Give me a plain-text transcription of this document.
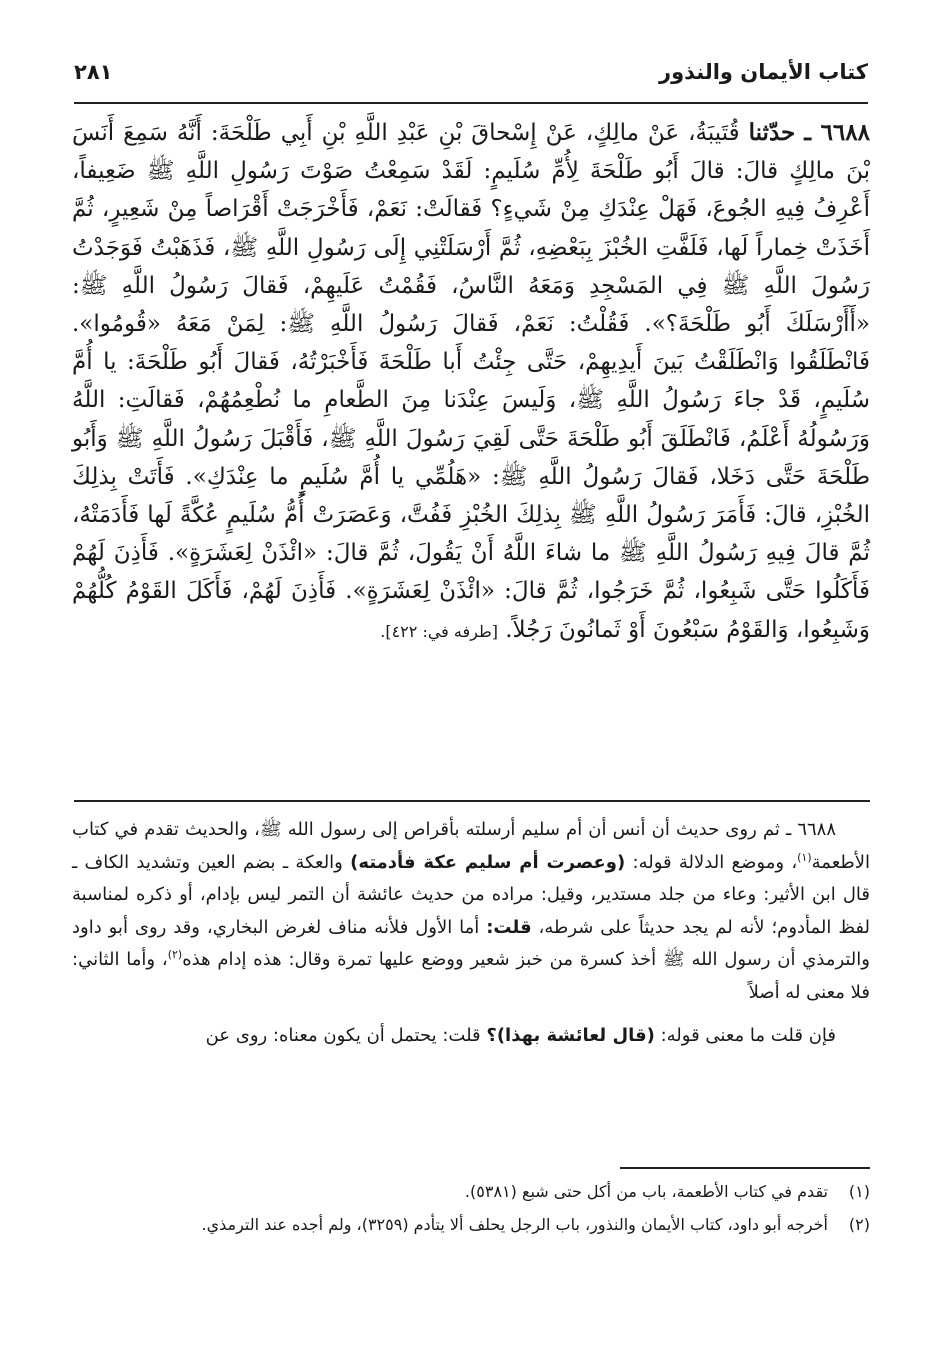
كتاب الأيمان والنذور
٢٨١
٦٦٨٨ ـ حدّثنا قُتَيبَةُ، عَنْ مالِكٍ، عَنْ إِسْحاقَ بْنِ عَبْدِ اللَّهِ بْنِ أَبِي طَلْحَةَ: أَنَّهُ سَمِعَ أَنَسَ بْنَ مالِكٍ قالَ: قالَ أَبُو طَلْحَةَ لِأُمِّ سُلَيمٍ: لَقَدْ سَمِعْتُ صَوْتَ رَسُولِ اللَّهِ ﷺ ضَعِيفاً، أَعْرِفُ فِيهِ الجُوعَ، فَهَلْ عِنْدَكِ مِنْ شَيءٍ؟ فَقالَتْ: نَعَمْ، فَأَخْرَجَتْ أَقْرَاصاً مِنْ شَعِيرٍ، ثُمَّ أَخَذَتْ خِماراً لَها، فَلَفَّتِ الخُبْزَ بِبَعْضِهِ، ثُمَّ أَرْسَلَتْنِي إِلَى رَسُولِ اللَّهِ ﷺ، فَذَهَبْتُ فَوَجَدْتُ رَسُولَ اللَّهِ ﷺ فِي المَسْجِدِ وَمَعَهُ النَّاسُ، فَقُمْتُ عَلَيهِمْ، فَقالَ رَسُولُ اللَّهِ ﷺ: «أَأَرْسَلَكَ أَبُو طَلْحَةَ؟». فَقُلْتُ: نَعَمْ، فَقالَ رَسُولُ اللَّهِ ﷺ: لِمَنْ مَعَهُ «قُومُوا». فَانْطَلَقُوا وَانْطَلَقْتُ بَينَ أَيدِيهِمْ، حَتَّى جِئْتُ أَبا طَلْحَةَ فَأَخْبَرْتُهُ، فَقالَ أَبُو طَلْحَةَ: يا أُمَّ سُلَيمٍ، قَدْ جاءَ رَسُولُ اللَّهِ ﷺ، وَلَيسَ عِنْدَنا مِنَ الطَّعامِ ما نُطْعِمُهُمْ، فَقالَتِ: اللَّهُ وَرَسُولُهُ أَعْلَمُ، فَانْطَلَقَ أَبُو طَلْحَةَ حَتَّى لَقِيَ رَسُولَ اللَّهِ ﷺ، فَأَقْبَلَ رَسُولُ اللَّهِ ﷺ وَأَبُو طَلْحَةَ حَتَّى دَخَلا، فَقالَ رَسُولُ اللَّهِ ﷺ: «هَلُمِّي يا أُمَّ سُلَيمٍ ما عِنْدَكِ». فَأَتَتْ بِذلِكَ الخُبْزِ، قالَ: فَأَمَرَ رَسُولُ اللَّهِ ﷺ بِذلِكَ الخُبْزِ فَفُتَّ، وَعَصَرَتْ أُمُّ سُلَيمٍ عُكَّةً لَها فَأَدَمَتْهُ، ثُمَّ قالَ فِيهِ رَسُولُ اللَّهِ ﷺ ما شاءَ اللَّهُ أَنْ يَقُولَ، ثُمَّ قالَ: «ائْذَنْ لِعَشَرَةٍ». فَأَذِنَ لَهُمْ فَأَكَلُوا حَتَّى شَبِعُوا، ثُمَّ خَرَجُوا، ثُمَّ قالَ: «ائْذَنْ لِعَشَرَةٍ». فَأَذِنَ لَهُمْ، فَأَكَلَ القَوْمُ كُلُّهُمْ وَشَبِعُوا، وَالقَوْمُ سَبْعُونَ أَوْ ثَمانُونَ رَجُلاً. [طرفه في: ٤٢٢].

٦٦٨٨ ـ ثم روى حديث أن أنس أن أم سليم أرسلته بأقراص إلى رسول الله ﷺ، والحديث تقدم في كتاب الأطعمة$^{(١)}$، وموضع الدلالة قوله: (وعصرت أم سليم عكة فأدمته) والعكة ـ بضم العين وتشديد الكاف ـ قال ابن الأثير: وعاء من جلد مستدير، وقيل: مراده من حديث عائشة أن التمر ليس بإدام، أو ذكره لمناسبة لفظ المأدوم؛ لأنه لم يجد حديثاً على شرطه، قلت: أما الأول فلأنه مناف لغرض البخاري، وقد روى أبو داود والترمذي أن رسول الله ﷺ أخذ كسرة من خبز شعير ووضع عليها تمرة وقال: هذه إدام هذه$^{(٢)}$، وأما الثاني: فلا معنى له أصلاً

فإن قلت ما معنى قوله: (قال لعائشة بهذا)؟ قلت: يحتمل أن يكون معناه: روى عن

(١)
تقدم في كتاب الأطعمة، باب من أكل حتى شبع (٥٣٨١).
(٢)
أخرجه أبو داود، كتاب الأيمان والنذور، باب الرجل يحلف ألا يتأدم (٣٢٥٩)، ولم أجده عند الترمذي.
